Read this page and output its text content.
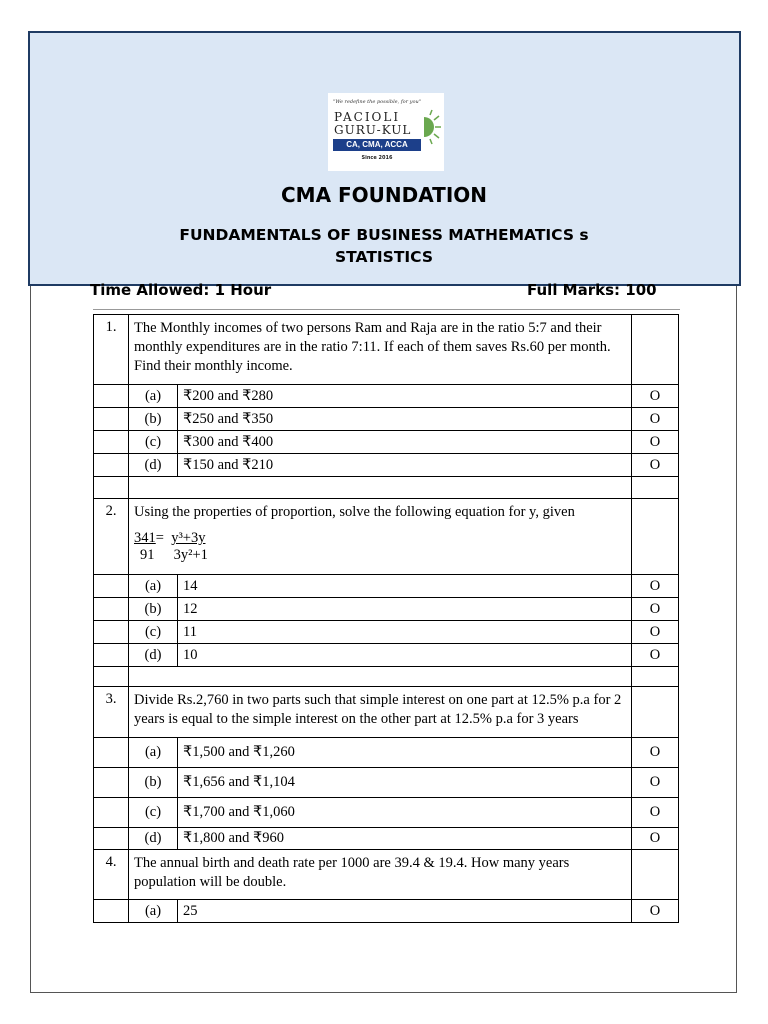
"We redefine the possible, for you"
PACIOLI
GURU-KUL
CA, CMA, ACCA
Since 2016
CMA FOUNDATION
FUNDAMENTALS OF BUSINESS MATHEMATICS s STATISTICS
Time Allowed: 1 Hour	Full Marks: 100
1.	The Monthly incomes of two persons Ram and Raja are in the ratio 5:7 and their monthly expenditures are in the ratio 7:11. If each of them saves Rs.60 per month. Find their monthly income.		
	(a)	₹200 and ₹280	O
	(b)	₹250 and ₹350	O
	(c)	₹300 and ₹400	O
	(d)	₹150 and ₹210	O

2.	Using the properties of proportion, solve the following equation for y, given
341= y³+3y
91 3y²+1		

	(a)	14	O
	(b)	12	O
	(c)	11	O
	(d)	10	O

3.	Divide Rs.2,760 in two parts such that simple interest on one part at 12.5% p.a for 2 years is equal to the simple interest on the other part at 12.5% p.a for 3 years		
	(a)	₹1,500 and ₹1,260	O
	(b)	₹1,656 and ₹1,104	O
	(c)	₹1,700 and ₹1,060	O
	(d)	₹1,800 and ₹960	O
4.	The annual birth and death rate per 1000 are 39.4 & 19.4. How many years population will be double.		
	(a)	25	O
